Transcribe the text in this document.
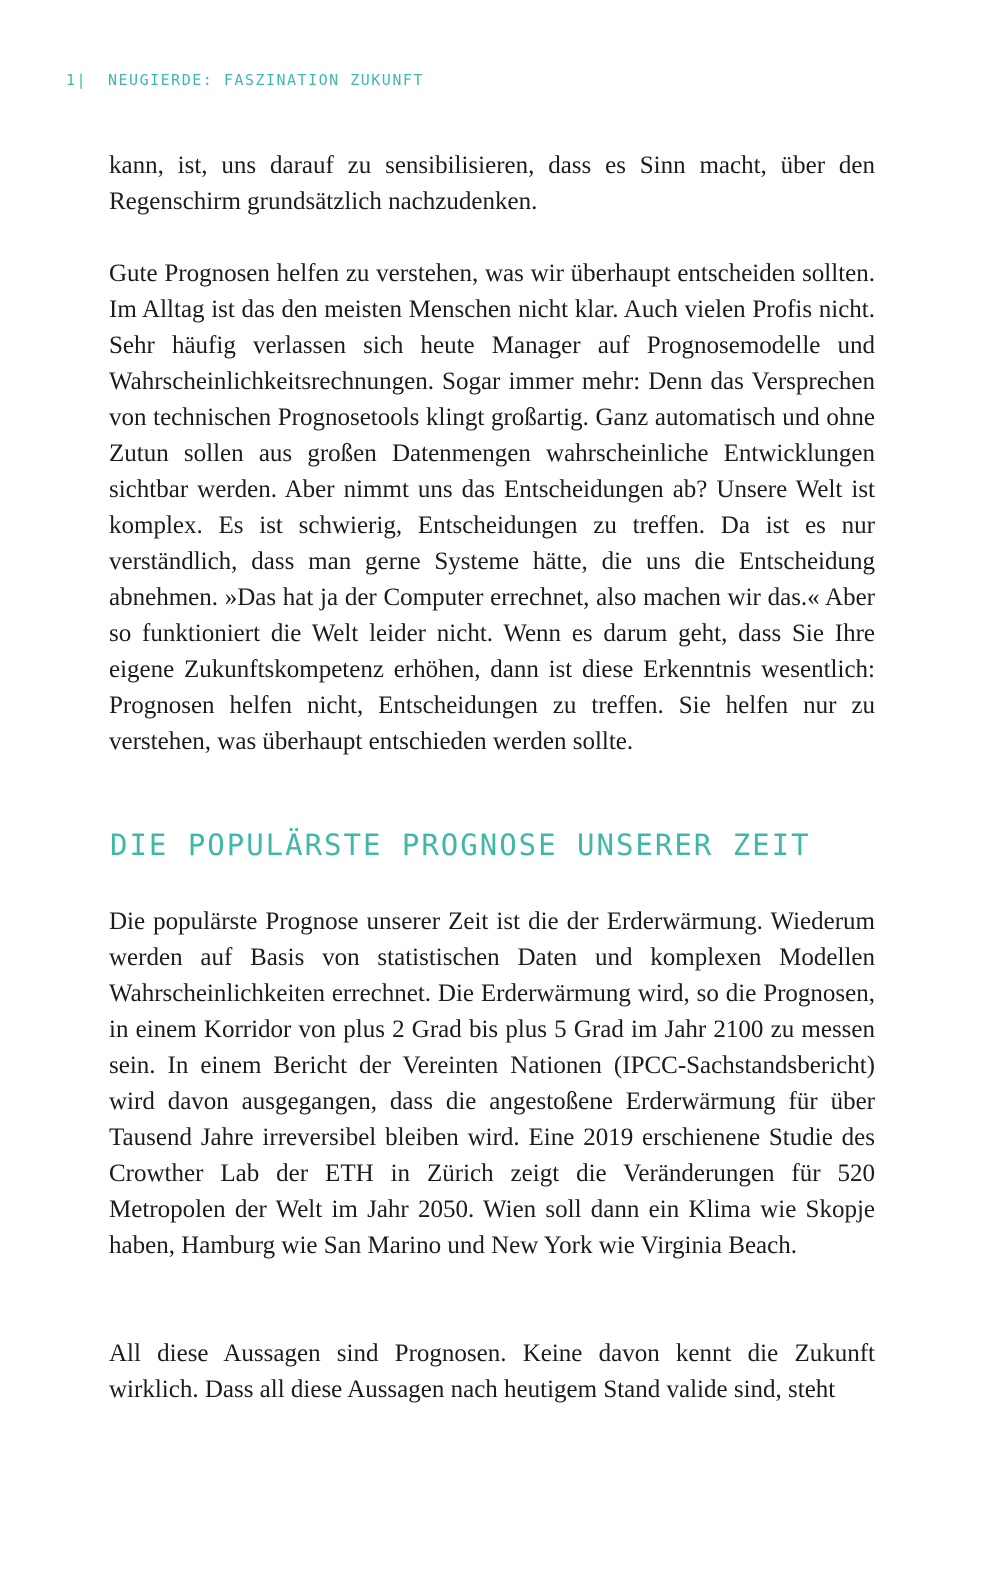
1| NEUGIERDE: FASZINATION ZUKUNFT

kann, ist, uns darauf zu sensibilisieren, dass es Sinn macht, über den Regenschirm grundsätzlich nachzudenken.

Gute Prognosen helfen zu verstehen, was wir überhaupt entscheiden sollten. Im Alltag ist das den meisten Menschen nicht klar. Auch vielen Profis nicht. Sehr häufig verlassen sich heute Manager auf Prognosemodelle und Wahrscheinlichkeitsrechnungen. Sogar immer mehr: Denn das Versprechen von technischen Prognosetools klingt großartig. Ganz automatisch und ohne Zutun sollen aus großen Datenmengen wahrscheinliche Entwicklungen sichtbar werden. Aber nimmt uns das Entscheidungen ab? Unsere Welt ist komplex. Es ist schwierig, Entscheidungen zu treffen. Da ist es nur verständlich, dass man gerne Systeme hätte, die uns die Entscheidung abnehmen. »Das hat ja der Computer errechnet, also machen wir das.« Aber so funktioniert die Welt leider nicht. Wenn es darum geht, dass Sie Ihre eigene Zukunftskompetenz erhöhen, dann ist diese Erkenntnis wesentlich: Prognosen helfen nicht, Entscheidungen zu treffen. Sie helfen nur zu verstehen, was überhaupt entschieden werden sollte.

DIE POPULÄRSTE PROGNOSE UNSERER ZEIT

Die populärste Prognose unserer Zeit ist die der Erderwärmung. Wiederum werden auf Basis von statistischen Daten und komplexen Modellen Wahrscheinlichkeiten errechnet. Die Erderwärmung wird, so die Prognosen, in einem Korridor von plus 2 Grad bis plus 5 Grad im Jahr 2100 zu messen sein. In einem Bericht der Vereinten Nationen (IPCC-Sachstandsbericht) wird davon ausgegangen, dass die angestoßene Erderwärmung für über Tausend Jahre irreversibel bleiben wird. Eine 2019 erschienene Studie des Crowther Lab der ETH in Zürich zeigt die Veränderungen für 520 Metropolen der Welt im Jahr 2050. Wien soll dann ein Klima wie Skopje haben, Hamburg wie San Marino und New York wie Virginia Beach.

All diese Aussagen sind Prognosen. Keine davon kennt die Zukunft wirklich. Dass all diese Aussagen nach heutigem Stand valide sind, steht
